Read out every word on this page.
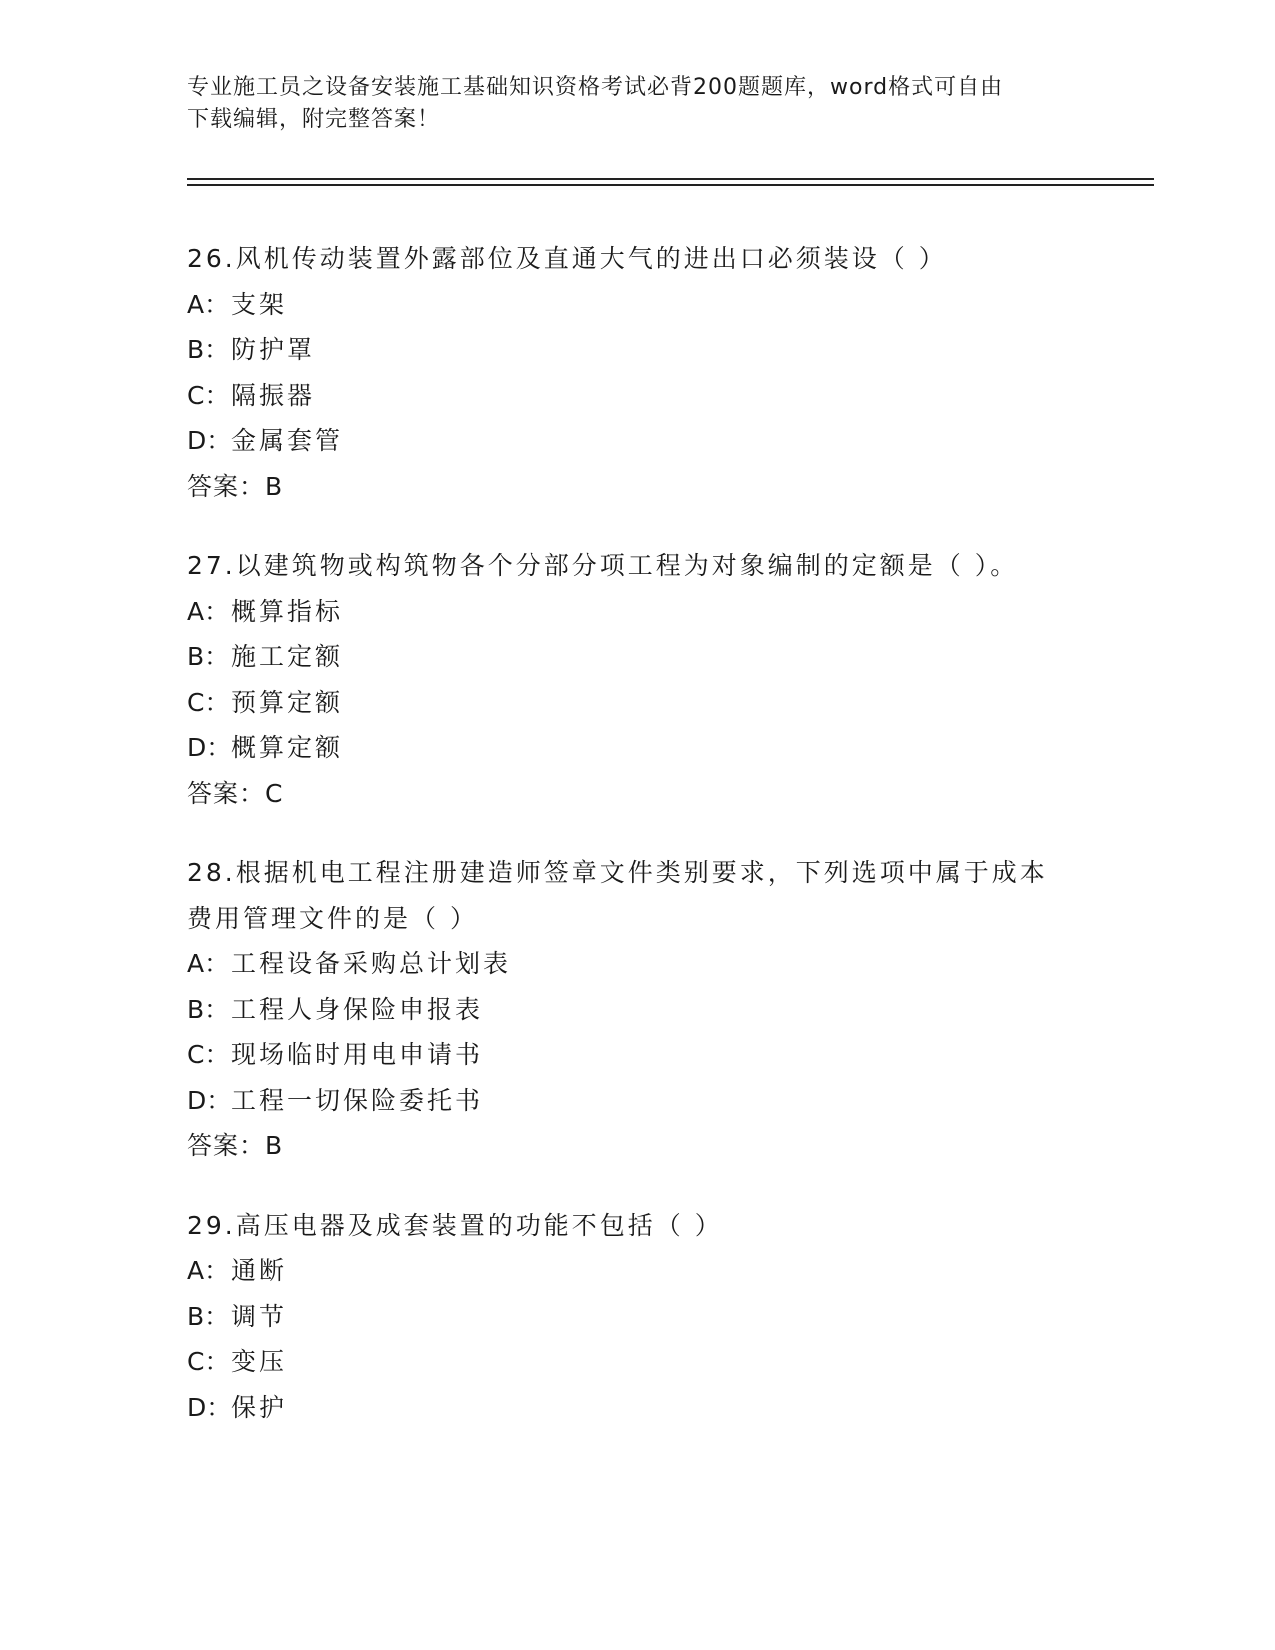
专业施工员之设备安装施工基础知识资格考试必背200题题库，word格式可自由
下载编辑，附完整答案！
26.风机传动装置外露部位及直通大气的进出口必须装设（ ）
A：支架
B：防护罩
C：隔振器
D：金属套管
答案：B
27.以建筑物或构筑物各个分部分项工程为对象编制的定额是（ ）。
A：概算指标
B：施工定额
C：预算定额
D：概算定额
答案：C
28.根据机电工程注册建造师签章文件类别要求，下列选项中属于成本
费用管理文件的是（ ）
A：工程设备采购总计划表
B：工程人身保险申报表
C：现场临时用电申请书
D：工程一切保险委托书
答案：B
29.高压电器及成套装置的功能不包括（ ）
A：通断
B：调节
C：变压
D：保护
